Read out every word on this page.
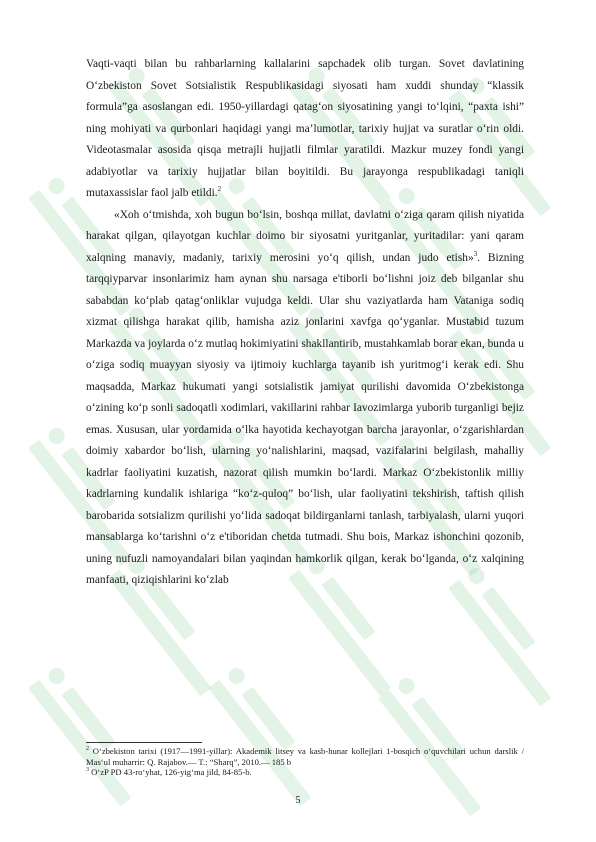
Vaqti-vaqti bilan bu rahbarlarning kallalarini sapchadek olib turgan. Sovet davlatining O‘zbekiston Sovet Sotsialistik Respublikasidagi siyosati ham xuddi shunday “klassik formula”ga asoslangan edi. 1950-yillardagi qatag‘on siyosatining yangi to‘lqini, “paxta ishi” ning mohiyati va qurbonlari haqidagi yangi ma’lumotlar, tarixiy hujjat va suratlar o‘rin oldi. Videotasmalar asosida qisqa metrajli hujjatli filmlar yaratildi. Mazkur muzey fondi yangi adabiyotlar va tarixiy hujjatlar bilan boyitildi. Bu jarayonga respublikadagi taniqli mutaxassislar faol jalb etildi.$^2$

«Xoh o‘tmishda, xoh bugun bo‘lsin, boshqa millat, davlatni o‘ziga qaram qilish niyatida harakat qilgan, qilayotgan kuchlar doimo bir siyosatni yuritganlar, yuritadilar: yani qaram xalqning manaviy, madaniy, tarixiy merosini yo‘q qilish, undan judo etish»$^3$. Bizning tarqqiyparvar insonlarimiz ham aynan shu narsaga e'tiborli bo‘lishni joiz deb bilganlar shu sababdan ko‘plab qatag‘onliklar vujudga keldi. Ular shu vaziyatlarda ham Vataniga sodiq xizmat qilishga harakat qilib, hamisha aziz jonlarini xavfga qo‘yganlar. Mustabid tuzum Markazda va joylarda o‘z mutlaq hokimiyatini shakllantirib, mustahkamlab borar ekan, bunda u o‘ziga sodiq muayyan siyosiy va ijtimoiy kuchlarga tayanib ish yuritmog‘i kerak edi. Shu maqsadda, Markaz hukumati yangi sotsialistik jamiyat qurilishi davomida O‘zbekistonga o‘zining ko‘p sonli sadoqatli xodimlari, vakillarini rahbar Iavozimlarga yuborib turganligi bejiz emas. Xususan, ular yordamida o‘lka hayotida kechayotgan barcha jarayonlar, o‘zgarishlardan doimiy xabardor bo‘lish, ularning yo‘nalishlarini, maqsad, vazifalarini belgilash, mahalliy kadrlar faoliyatini kuzatish, nazorat qilish mumkin bo‘lardi. Markaz O‘zbekistonlik milliy kadrlarning kundalik ishlariga “ko‘z-quloq” bo‘lish, ular faoliyatini tekshirish, taftish qilish barobarida sotsializm qurilishi yo‘lida sadoqat bildirganlarni tanlash, tarbiyalash, ularni yuqori mansablarga ko‘tarishni o‘z e'tiboridan chetda tutmadi. Shu bois, Markaz ishonchini qozonib, uning nufuzli namoyandalari bilan yaqindan hamkorlik qilgan, kerak bo‘lganda, o‘z xalqining manfaati, qiziqishlarini ko‘zlab

$^2$ O‘zbekiston tarixi (1917—1991-yillar): Akademik litsey va kasb-hunar kollejlari 1-bosqich o‘quvchilari uchun darslik / Mas‘ul muharrir: Q. Rajabov.— T.: “Sharq”, 2010.— 185 b

$^3$ O‘zP PD 43-ro‘yhat, 126-yig‘ma jild, 84-85-b.

5
